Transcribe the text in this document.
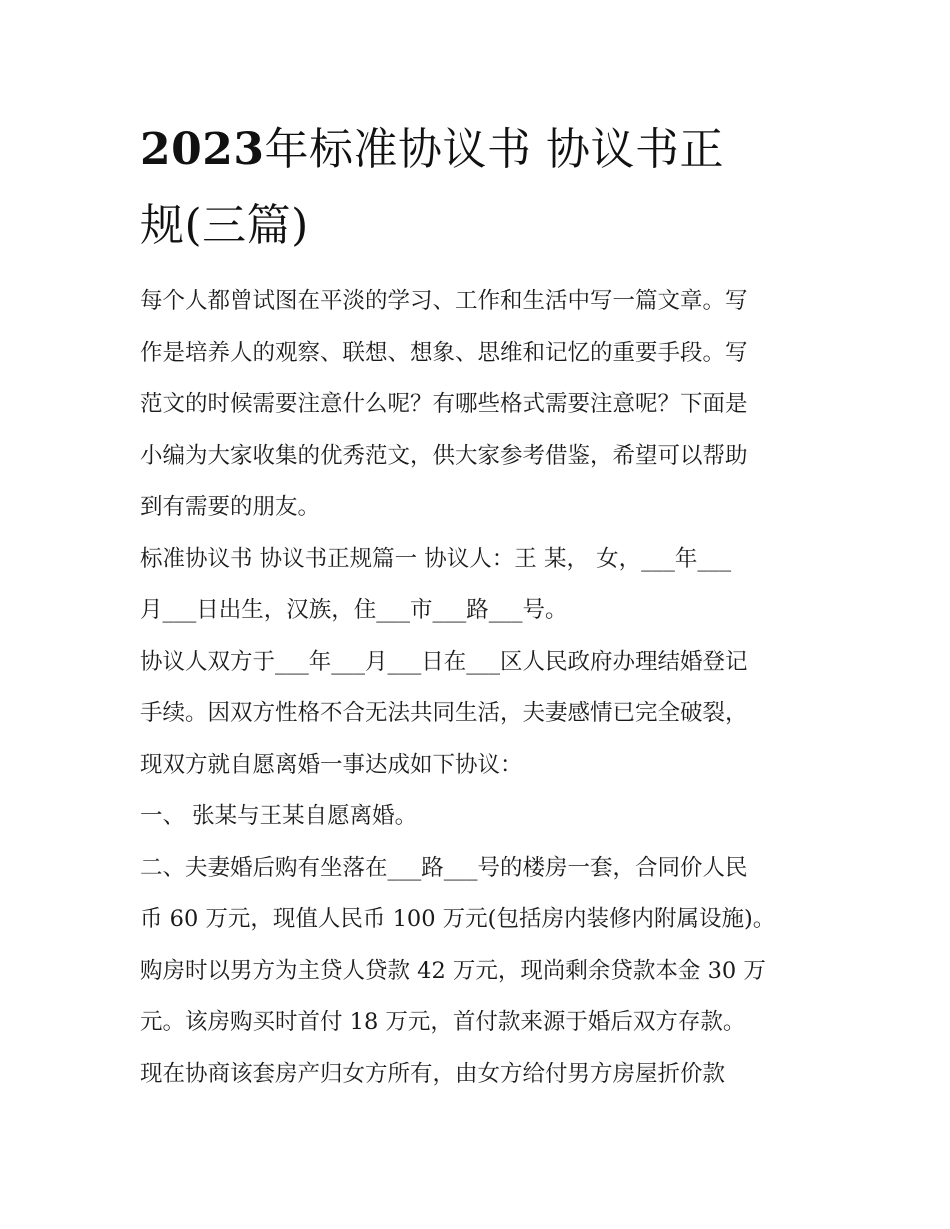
2023年标准协议书 协议书正
规(三篇)
每个人都曾试图在平淡的学习、工作和生活中写一篇文章。写
作是培养人的观察、联想、想象、思维和记忆的重要手段。写
范文的时候需要注意什么呢？有哪些格式需要注意呢？下面是
小编为大家收集的优秀范文，供大家参考借鉴，希望可以帮助
到有需要的朋友。
标准协议书 协议书正规篇一 协议人：王 某， 女，___年___
月___日出生，汉族，住___市___路___号。
协议人双方于___年___月___日在___区人民政府办理结婚登记
手续。因双方性格不合无法共同生活，夫妻感情已完全破裂，
现双方就自愿离婚一事达成如下协议：
一、 张某与王某自愿离婚。
二、夫妻婚后购有坐落在___路___号的楼房一套，合同价人民
币 60 万元，现值人民币 100 万元(包括房内装修内附属设施)。
购房时以男方为主贷人贷款 42 万元，现尚剩余贷款本金 30 万
元。该房购买时首付 18 万元，首付款来源于婚后双方存款。
现在协商该套房产归女方所有，由女方给付男方房屋折价款
